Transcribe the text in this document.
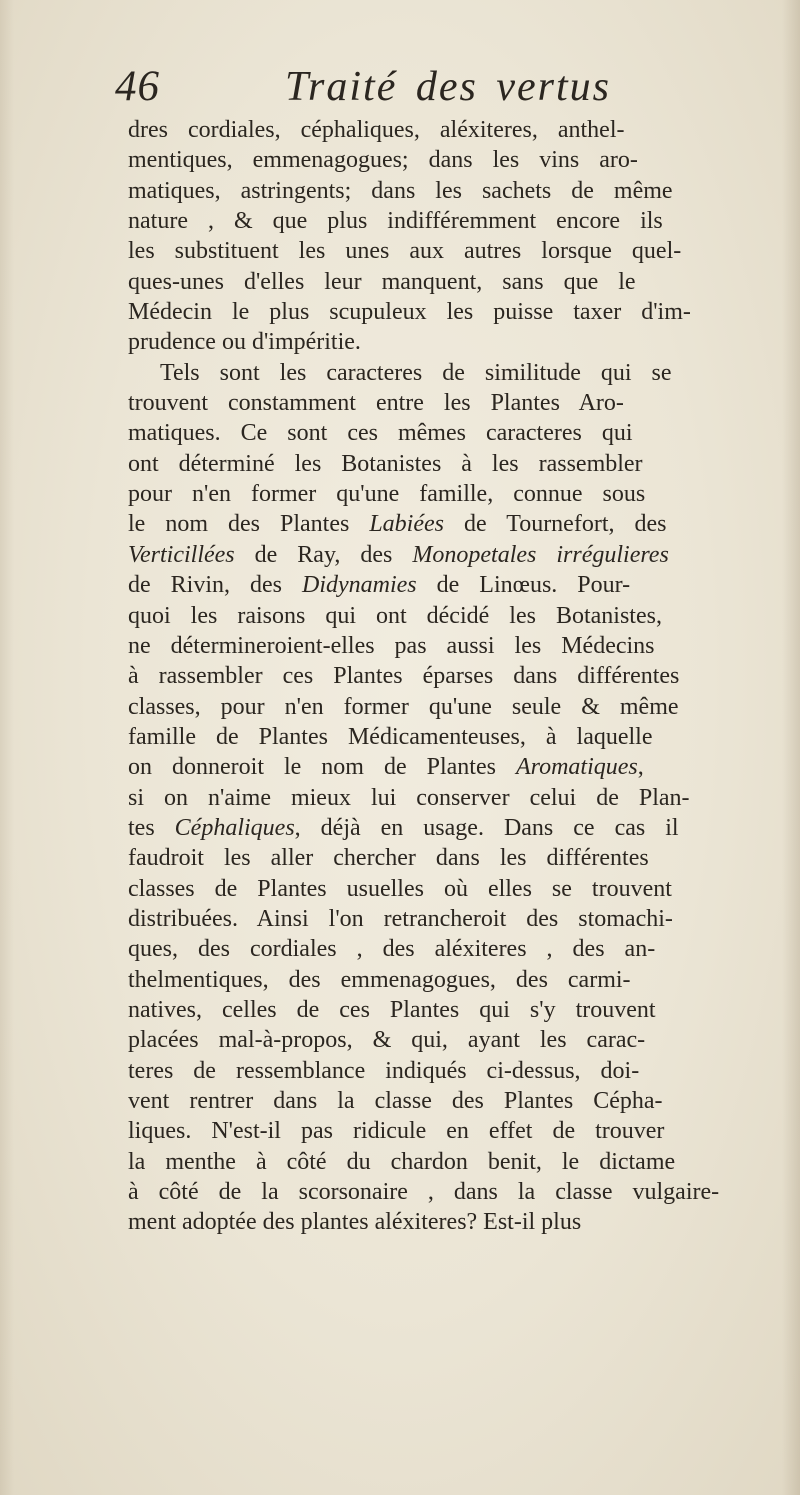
46	Traité des vertus
dres cordiales, céphaliques, aléxiteres, anthel-
mentiques, emmenagogues; dans les vins aro-
matiques, astringents; dans les sachets de même
nature , & que plus indifféremment encore ils
les substituent les unes aux autres lorsque quel-
ques-unes d'elles leur manquent, sans que le
Médecin le plus scupuleux les puisse taxer d'im-
prudence ou d'impéritie.
Tels sont les caracteres de similitude qui se
trouvent constamment entre les Plantes Aro-
matiques. Ce sont ces mêmes caracteres qui
ont déterminé les Botanistes à les rassembler
pour n'en former qu'une famille, connue sous
le nom des Plantes Labiées de Tournefort, des
Verticillées de Ray, des Monopetales irrégulieres
de Rivin, des Didynamies de Linœus. Pour-
quoi les raisons qui ont décidé les Botanistes,
ne détermineroient-elles pas aussi les Médecins
à rassembler ces Plantes éparses dans différentes
classes, pour n'en former qu'une seule & même
famille de Plantes Médicamenteuses, à laquelle
on donneroit le nom de Plantes Aromatiques,
si on n'aime mieux lui conserver celui de Plan-
tes Céphaliques, déjà en usage. Dans ce cas il
faudroit les aller chercher dans les différentes
classes de Plantes usuelles où elles se trouvent
distribuées. Ainsi l'on retrancheroit des stomachi-
ques, des cordiales , des aléxiteres , des an-
thelmentiques, des emmenagogues, des carmi-
natives, celles de ces Plantes qui s'y trouvent
placées mal-à-propos, & qui, ayant les carac-
teres de ressemblance indiqués ci-dessus, doi-
vent rentrer dans la classe des Plantes Cépha-
liques. N'est-il pas ridicule en effet de trouver
la menthe à côté du chardon benit, le dictame
à côté de la scorsonaire , dans la classe vulgaire-
ment adoptée des plantes aléxiteres? Est-il plus
